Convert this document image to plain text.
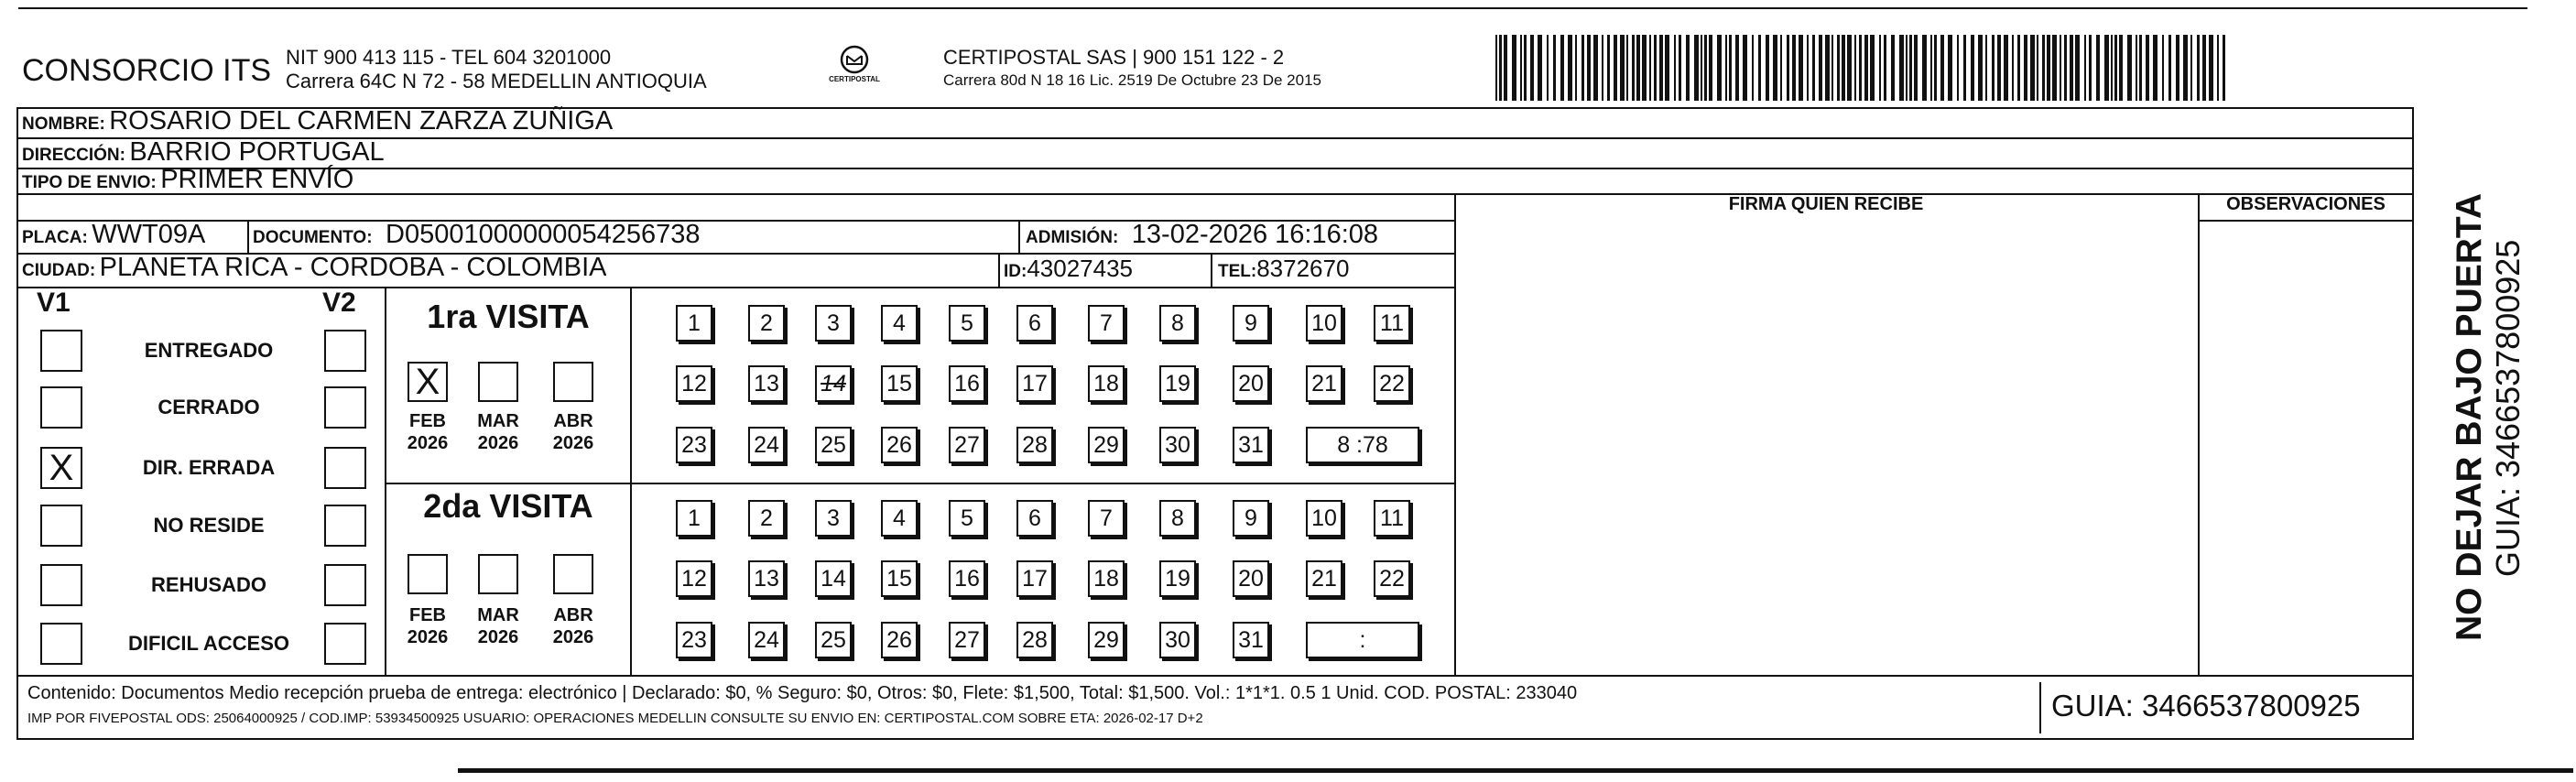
CONSORCIO ITS NIT 900 413 115 - TEL 604 3201000
Carrera 64C N 72 - 58 MEDELLIN ANTIOQUIA	CERTIPOSTAL
CERTIPOSTAL SAS | 900 151 122 - 2
Carrera 80d N 18 16 Lic. 2519 De Octubre 23 De 2015
NOMBRE: ROSARIO DEL CARMEN ZARZA ZUÑIGA
DIRECCIÓN: BARRIO PORTUGAL
TIPO DE ENVIO: PRIMER ENVÍO
PLACA: WWT09A	DOCUMENTO: D05001000000054256738	ADMISIÓN: 13-02-2026 16:16:08
CIUDAD: PLANETA RICA - CORDOBA - COLOMBIA	ID:43027435	TEL:8372670
FIRMA QUIEN RECIBE	OBSERVACIONES
V1	V2
ENTREGADO
CERRADO
X	DIR. ERRADA
NO RESIDE
REHUSADO
DIFICIL ACCESO
1ra VISITA
X
FEB
2026
MAR
2026
ABR
2026
1	2	3	4	5	6	7	8	9	10 11
12 13 14 15 16 17 18 19 20 21 22
23 24 25 26 27 28 29 30 31	8 :78
2da VISITA
FEB
2026
MAR
2026
ABR
2026
1	2	3	4	5	6	7	8	9	10 11
12 13 14 15 16 17 18 19 20 21 22
23 24 25 26 27 28 29 30 31	:
Contenido: Documentos Medio recepción prueba de entrega: electrónico | Declarado: $0, % Seguro: $0, Otros: $0, Flete: $1,500, Total: $1,500. Vol.: 1*1*1. 0.5 1 Unid. COD. POSTAL: 233040
IMP POR FIVEPOSTAL ODS: 25064000925 / COD.IMP: 53934500925 USUARIO: OPERACIONES MEDELLIN CONSULTE SU ENVIO EN: CERTIPOSTAL.COM SOBRE ETA: 2026-02-17 D+2	GUIA: 3466537800925
NO DEJAR BAJO PUERTA GUIA: 3466537800925
